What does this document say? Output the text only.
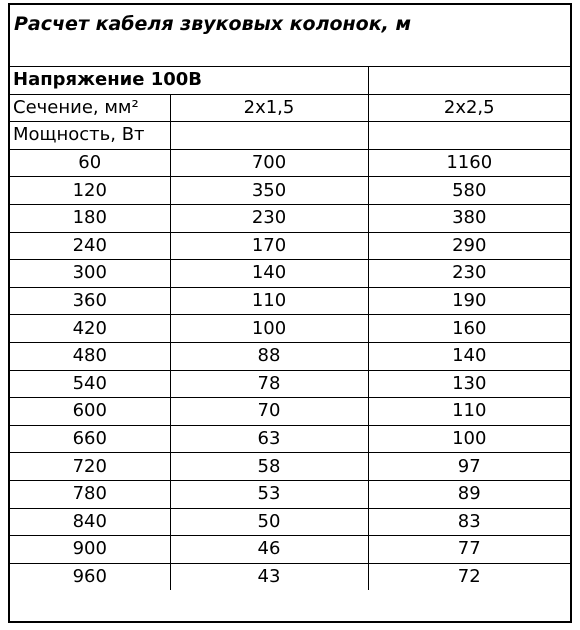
Расчет кабеля звуковых колонок, м
Напряжение 100В		
Сечение, мм²	2х1,5	2х2,5
Мощность, Вт		
60	700	1160
120	350	580
180	230	380
240	170	290
300	140	230
360	110	190
420	100	160
480	88	140
540	78	130
600	70	110
660	63	100
720	58	97
780	53	89
840	50	83
900	46	77
960	43	72
